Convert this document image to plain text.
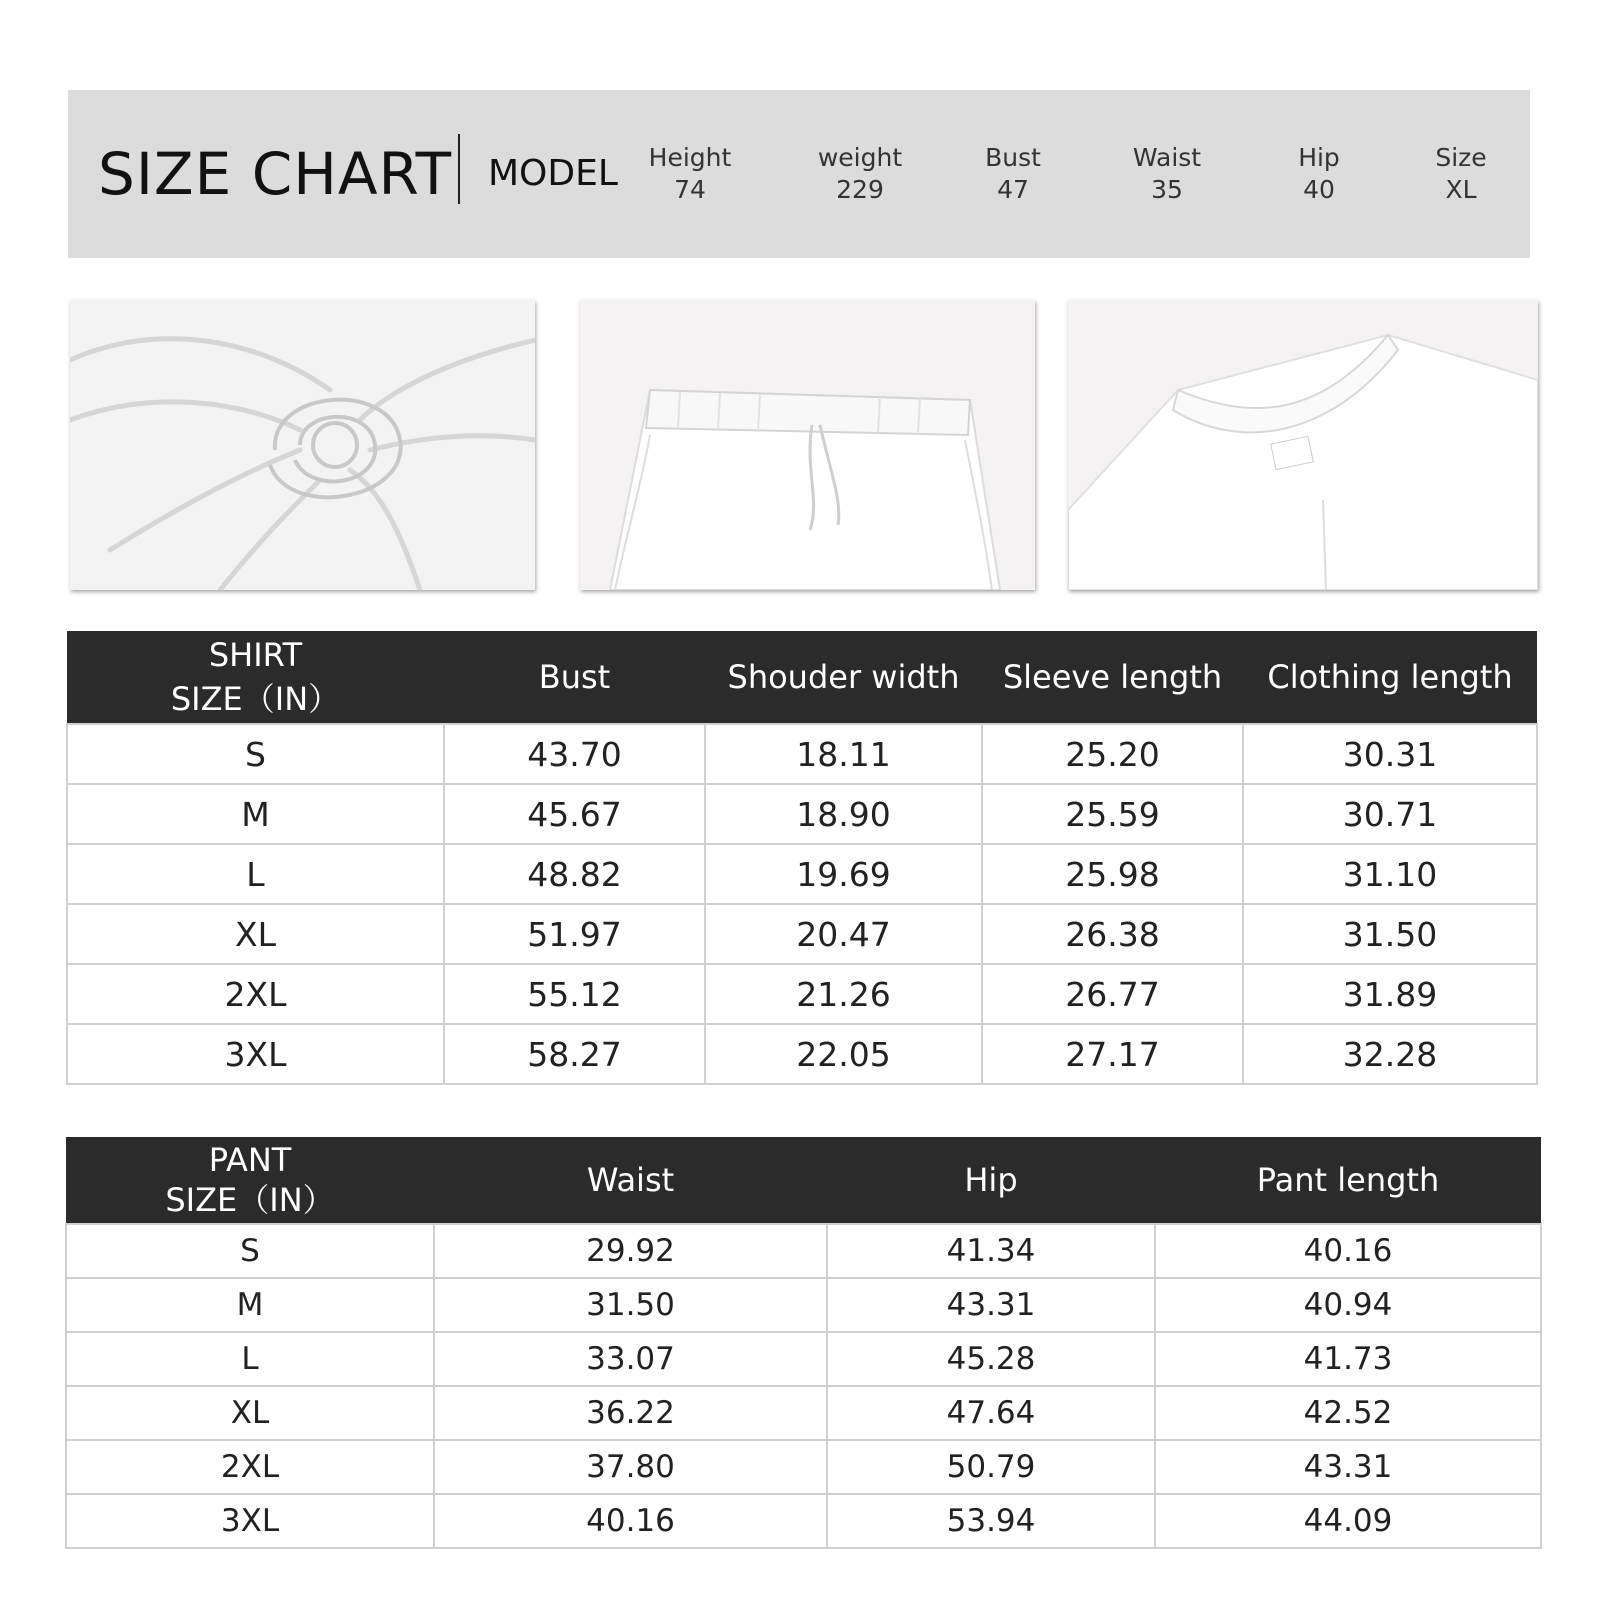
SIZE CHART MODEL	Height
74
weight
229
Bust
47
Waist
35
Hip
40
Size
XL
SHIRT
SIZE（IN）	Bust	Shouder width	Sleeve length	Clothing length
S	43.70	18.11	25.20	30.31
M	45.67	18.90	25.59	30.71
L	48.82	19.69	25.98	31.10
XL	51.97	20.47	26.38	31.50
2XL	55.12	21.26	26.77	31.89
3XL	58.27	22.05	27.17	32.28
PANT
SIZE（IN）	Waist	Hip	Pant length
S	29.92	41.34	40.16
M	31.50	43.31	40.94
L	33.07	45.28	41.73
XL	36.22	47.64	42.52
2XL	37.80	50.79	43.31
3XL	40.16	53.94	44.09
